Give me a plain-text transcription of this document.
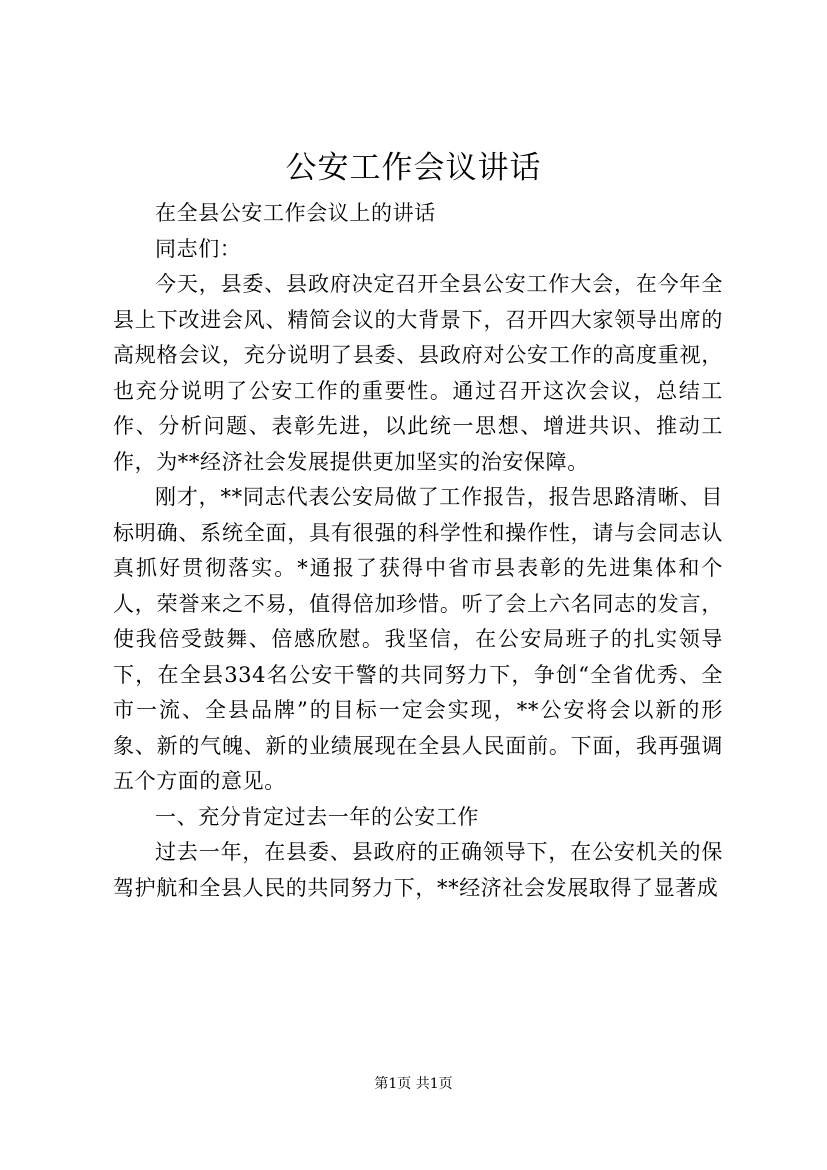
公安工作会议讲话

在全县公安工作会议上的讲话

同志们：

今天，县委、县政府决定召开全县公安工作大会，在今年全县上下改进会风、精简会议的大背景下，召开四大家领导出席的高规格会议，充分说明了县委、县政府对公安工作的高度重视，也充分说明了公安工作的重要性。通过召开这次会议，总结工作、分析问题、表彰先进，以此统一思想、增进共识、推动工作，为**经济社会发展提供更加坚实的治安保障。

刚才，**同志代表公安局做了工作报告，报告思路清晰、目标明确、系统全面，具有很强的科学性和操作性，请与会同志认真抓好贯彻落实。*通报了获得中省市县表彰的先进集体和个人，荣誉来之不易，值得倍加珍惜。听了会上六名同志的发言，使我倍受鼓舞、倍感欣慰。我坚信，在公安局班子的扎实领导下，在全县334名公安干警的共同努力下，争创“全省优秀、全市一流、全县品牌”的目标一定会实现，**公安将会以新的形象、新的气魄、新的业绩展现在全县人民面前。下面，我再强调五个方面的意见。

一、充分肯定过去一年的公安工作

过去一年，在县委、县政府的正确领导下，在公安机关的保驾护航和全县人民的共同努力下，**经济社会发展取得了显著成

第1页 共1页
